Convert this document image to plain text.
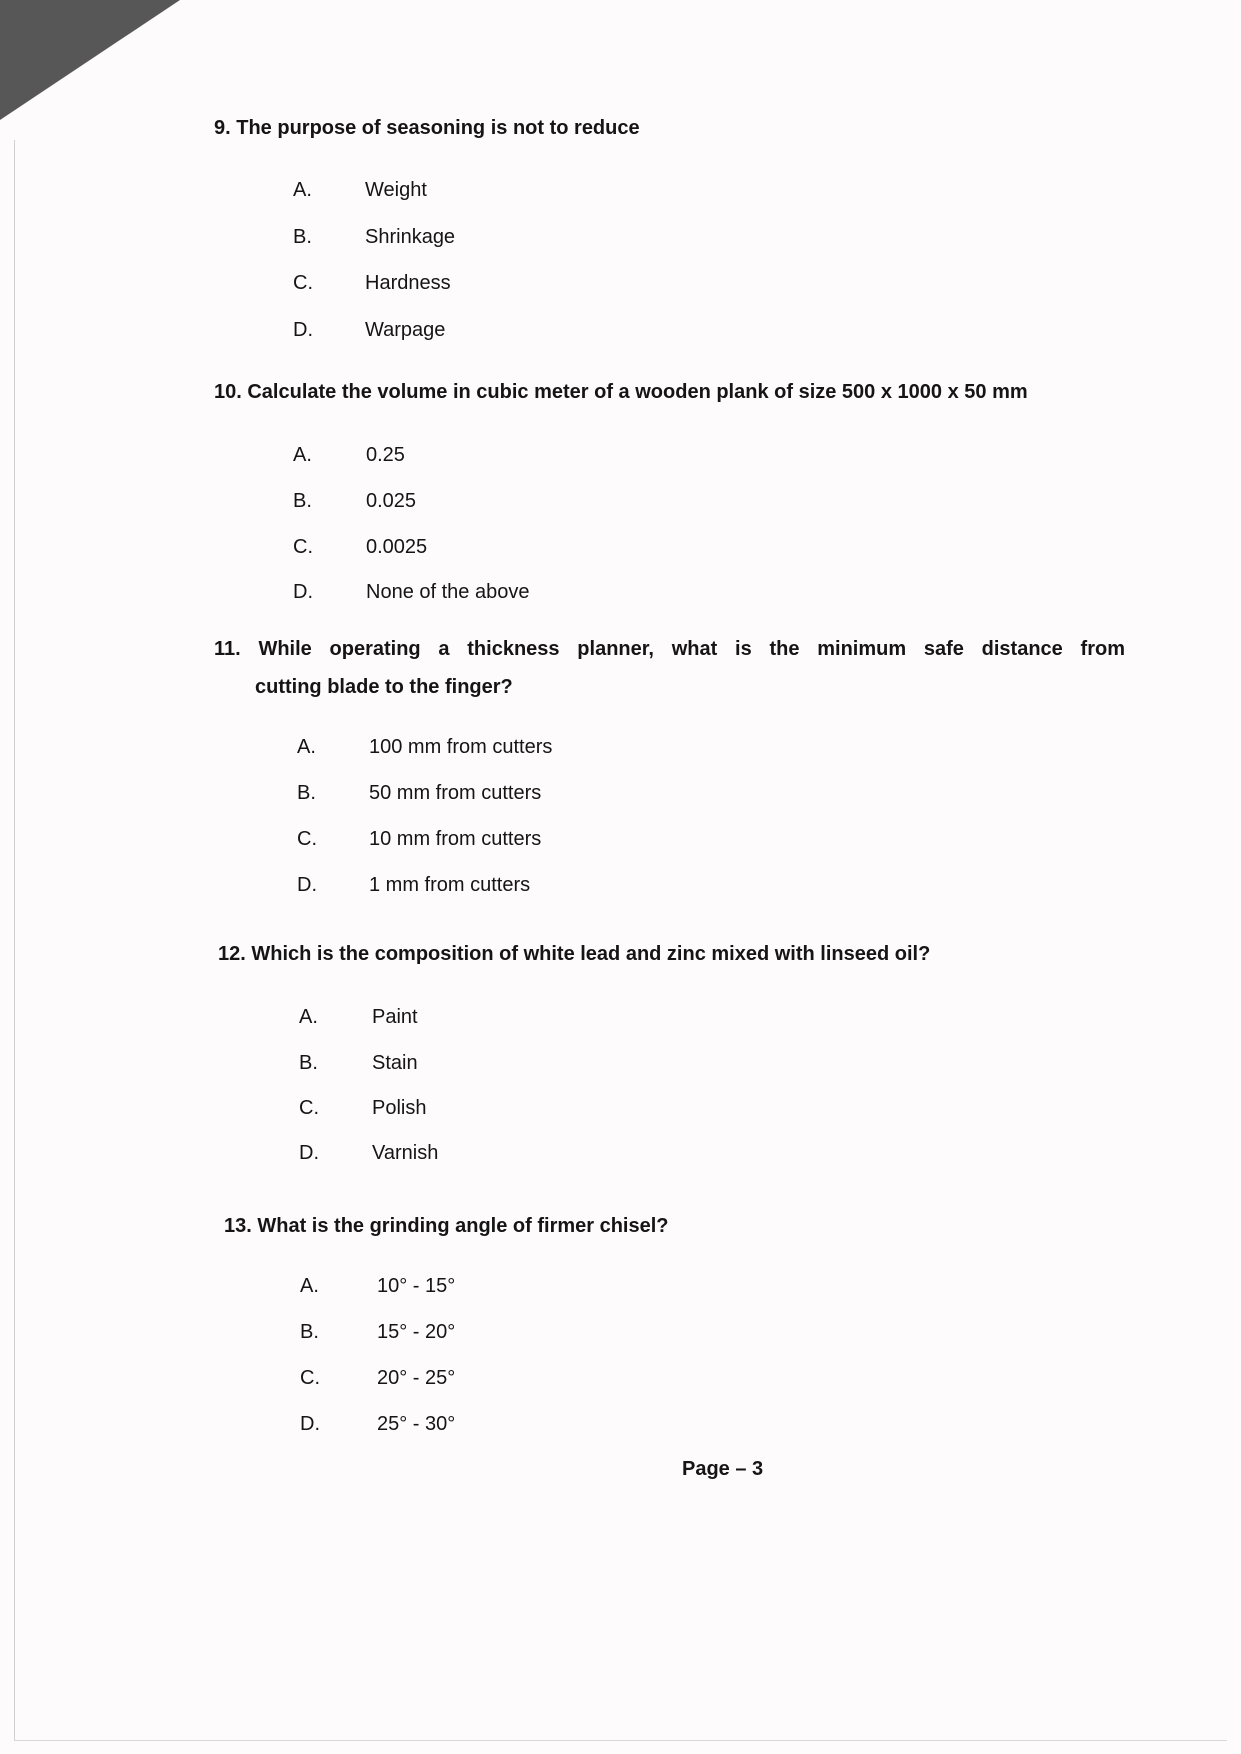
9. The purpose of seasoning is not to reduce
A.	Weight
B.	Shrinkage
C.	Hardness
D.	Warpage
10. Calculate the volume in cubic meter of a wooden plank of size 500 x 1000 x 50 mm
A.	0.25
B.	0.025
C.	0.0025
D.	None of the above
11. While operating a thickness planner, what is the minimum safe distance from
cutting blade to the finger?
A.	100 mm from cutters
B.	50 mm from cutters
C.	10 mm from cutters
D.	1 mm from cutters
12. Which is the composition of white lead and zinc mixed with linseed oil?
A.	Paint
B.	Stain
C.	Polish
D.	Varnish
13. What is the grinding angle of firmer chisel?
A.	10° - 15°
B.	15° - 20°
C.	20° - 25°
D.	25° - 30°
Page – 3
